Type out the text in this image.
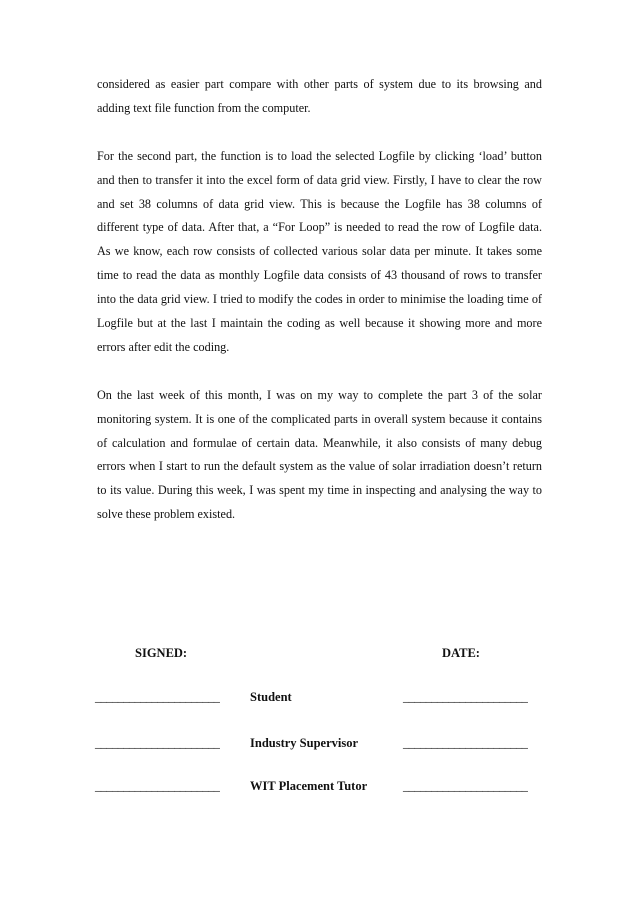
considered as easier part compare with other parts of system due to its browsing and adding text file function from the computer.

For the second part, the function is to load the selected Logfile by clicking ‘load’ button and then to transfer it into the excel form of data grid view. Firstly, I have to clear the row and set 38 columns of data grid view. This is because the Logfile has 38 columns of different type of data. After that, a “For Loop” is needed to read the row of Logfile data. As we know, each row consists of collected various solar data per minute. It takes some time to read the data as monthly Logfile data consists of 43 thousand of rows to transfer into the data grid view. I tried to modify the codes in order to minimise the loading time of Logfile but at the last I maintain the coding as well because it showing more and more errors after edit the coding.

On the last week of this month, I was on my way to complete the part 3 of the solar monitoring system. It is one of the complicated parts in overall system because it contains of calculation and formulae of certain data. Meanwhile, it also consists of many debug errors when I start to run the default system as the value of solar irradiation doesn’t return to its value. During this week, I was spent my time in inspecting and analysing the way to solve these problem existed.

SIGNED:	DATE:
______________________ Student	______________________
______________________ Industry Supervisor	______________________
______________________ WIT Placement Tutor	______________________
